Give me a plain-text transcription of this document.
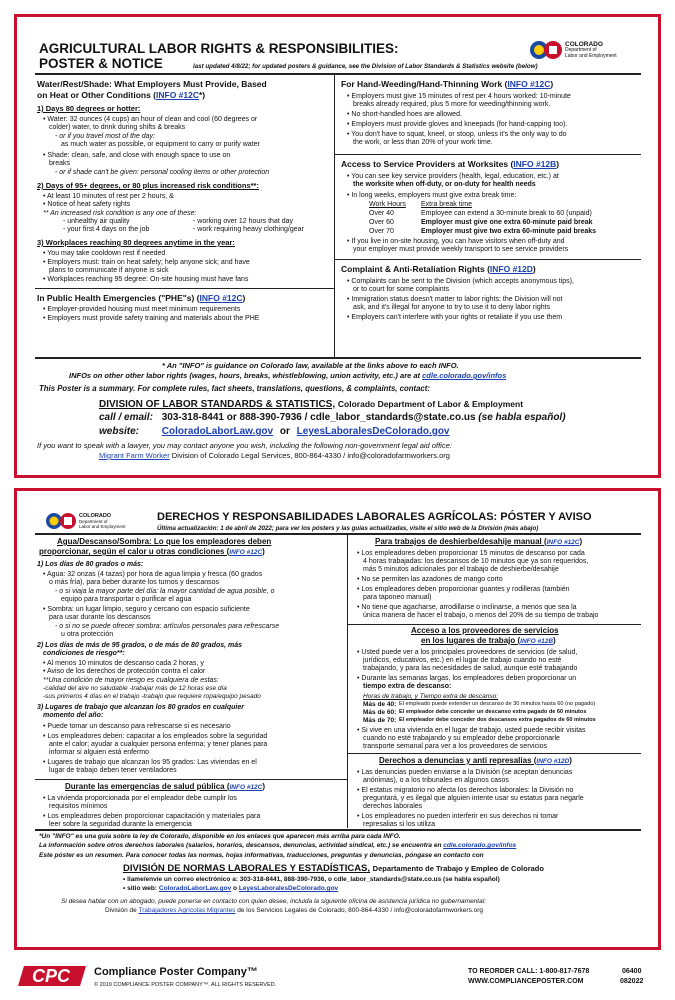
AGRICULTURAL LABOR RIGHTS & RESPONSIBILITIES:
POSTER & NOTICE	last updated 4/8/22; for updated posters & guidance, see the Division of Labor Standards & Statistics website (below)
COLORADO
Department of
Labor and Employment
Water/Rest/Shade: What Employers Must Provide, Based
on Heat or Other Conditions (INFO #12C*)
1) Days 80 degrees or hotter:
• Water: 32 ounces (4 cups) an hour of clean and cool (60 degrees or
colder) water, to drink during shifts & breaks
- or if you travel most of the day:
as much water as possible, or equipment to carry or purify water
• Shade: clean, safe, and close with enough space to use on
breaks
- or if shade can't be given: personal cooling items or other protection
2) Days of 95+ degrees, or 80 plus increased risk conditions**:
• At least 10 minutes of rest per 2 hours, &
• Notice of heat safety rights
** An increased risk condition is any one of these:
- unhealthy air quality	- working over 12 hours that day
- your first 4 days on the job	- work requiring heavy clothing/gear
3) Workplaces reaching 80 degrees anytime in the year:
• You may take cooldown rest if needed
• Employers must: train on heat safety; help anyone sick; and have
plans to communicate if anyone is sick
• Workplaces reaching 95 degree: On-site housing must have fans
In Public Health Emergencies ("PHE"s) (INFO #12C)
• Employer-provided housing must meet minimum requirements
• Employers must provide safety training and materials about the PHE
For Hand-Weeding/Hand-Thinning Work (INFO #12C)
• Employers must give 15 minutes of rest per 4 hours worked: 10-minute
breaks already required, plus 5 more for weeding/thinning work.
• No short-handled hoes are allowed.
• Employers must provide gloves and kneepads (for hand-capping too).
• You don't have to squat, kneel, or stoop, unless it's the only way to do
the work, or less than 20% of your work time.
Access to Service Providers at Worksites (INFO #12B)
• You can see key service providers (health, legal, education, etc.) at
the worksite when off-duty, or on-duty for health needs
• In long weeks, employers must give extra break time:
Work Hours Extra break time
Over 40	Employee can extend a 30-minute break to 60 (unpaid)
Over 60	Employer must give one extra 60-minute paid break
Over 70	Employer must give two extra 60-minute paid breaks
• If you live in on-site housing, you can have visitors when off-duty and
your employer must provide weekly transport to see service providers
Complaint & Anti-Retaliation Rights (INFO #12D)
• Complaints can be sent to the Division (which accepts anonymous tips),
or to court for some complaints
• Immigration status doesn't matter to labor rights: the Division will not
ask, and it's illegal for anyone to try to use it to deny labor rights
• Employers can't interfere with your rights or retaliate if you use them
* An "INFO" is guidance on Colorado law, available at the links above to each INFO.
INFOs on other other labor rights (wages, hours, breaks, whistleblowing, union activity, etc.) are at cdle.colorado.gov/infos
This Poster is a summary. For complete rules, fact sheets, translations, questions, & complaints, contact:
DIVISION OF LABOR STANDARDS & STATISTICS, Colorado Department of Labor & Employment
call / email: 303-318-8441 or 888-390-7936 / cdle_labor_standards@state.co.us (se habla español)
website: ColoradoLaborLaw.gov or LeyesLaboralesDeColorado.gov
If you want to speak with a lawyer, you may contact anyone you wish, including the following non-government legal aid office:
Migrant Farm Worker Division of Colorado Legal Services, 800-864-4330 / info@coloradofarmworkers.org
COLORADO
Department of
Labor and Employment
DERECHOS Y RESPONSABILIDADES LABORALES AGRÍCOLAS: PÓSTER Y AVISO
Última actualización: 1 de abril de 2022; para ver los pósters y las guías actualizadas, visite el sitio web de la División (más abajo)
Agua/Descanso/Sombra: Lo que los empleadores deben
proporcionar, según el calor u otras condiciones (INFO #12C)
1) Los días de 80 grados o más:
• Agua: 32 onzas (4 tazas) por hora de agua limpia y fresca (60 grados
o más fría), para beber durante los turnos y descansos
- o si viaja la mayor parte del día: la mayor cantidad de agua posible, o
equipo para transportar o purificar el agua
• Sombra: un lugar limpio, seguro y cercano con espacio suficiente
para usar durante los descansos
- o si no se puede ofrecer sombra: artículos personales para refrescarse
u otra protección
2) Los días de más de 95 grados, o de más de 80 grados, más
condiciones de riesgo**:
• Al menos 10 minutos de descanso cada 2 horas, y
• Aviso de los derechos de protección contra el calor
**Una condición de mayor riesgo es cualquiera de estas:
-calidad del aire no saludable -trabajar más de 12 horas ese día
-sus primeros 4 días en el trabajo -trabajo que requiere ropa/equipo pesado
3) Lugares de trabajo que alcanzan los 80 grados en cualquier
momento del año:
• Puede tomar un descanso para refrescarse si es necesario
• Los empleadores deben: capacitar a los empleados sobre la seguridad
ante el calor; ayudar a cualquier persona enferma; y tener planes para
informar si alguien está enfermo
• Lugares de trabajo que alcanzan los 95 grados: Las viviendas en el
lugar de trabajo deben tener ventiladores
Durante las emergencias de salud pública (INFO #12C)
• La vivienda proporcionada por el empleador debe cumplir los
requisitos mínimos
• Los empleadores deben proporcionar capacitación y materiales para
leer sobre la seguridad durante la emergencia
Para trabajos de deshierbe/desahije manual (INFO #12C)
• Los empleadores deben proporcionar 15 minutos de descanso por cada
4 horas trabajadas: los descansos de 10 minutos que ya son requeridos,
más 5 minutos adicionales por el trabajo de deshierbe/desahije
• No se permiten las azadones de mango corto
• Los empleadores deben proporcionar guantes y rodilleras (también
para taponeo manual)
• No tiene que agacharse, arrodillarse o inclinarse, a menos que sea la
única manera de hacer el trabajo, o menos del 20% de su tiempo de trabajo
Acceso a los proveedores de servicios
en los lugares de trabajo (INFO #12B)
• Usted puede ver a los principales proveedores de servicios (de salud,
jurídicos, educativos, etc.) en el lugar de trabajo cuando no esté
trabajando, y para las necesidades de salud, aunque esté trabajando
• Durante las semanas largas, los empleadores deben proporcionar un
tiempo extra de descanso:
Horas de trabajo, y Tiempo extra de descanso:
Más de 40: El empleado puede extender un descanso de 30 minutos hasta 60 (no pagado)
Más de 60: El empleador debe conceder un descanso extra pagado de 60 minutos
Más de 70: El empleador debe conceder dos descansos extra pagados de 60 minutos
• Si vive en una vivienda en el lugar de trabajo, usted puede recibir visitas
cuando no esté trabajando y su empleador debe proporcionarle
transporte semanal para ver a los proveedores de servicios
Derechos a denuncias y anti represalias (INFO #12D)
• Las denuncias pueden enviarse a la División (se aceptan denuncias
anónimas), o a los tribunales en algunos casos
• El estatus migratorio no afecta los derechos laborales: la División no
preguntará, y es ilegal que alguien intente usar su estatus para negarle
derechos laborales
• Los empleadores no pueden interferir en sus derechos ni tomar
represalias si los utiliza
*Un "INFO" es una guía sobre la ley de Colorado, disponible en los enlaces que aparecen más arriba para cada INFO.
La información sobre otros derechos laborales (salarios, horarios, descansos, denuncias, actividad sindical, etc.) se encuentra en cdle.colorado.gov/infos
Este póster es un resumen. Para conocer todas las normas, hojas informativas, traducciones, preguntas y denuncias, póngase en contacto con
DIVISIÓN DE NORMAS LABORALES Y ESTADÍSTICAS, Departamento de Trabajo y Empleo de Colorado
• llame/envíe un correo electrónico a: 303-318-8441, 888-390-7936, o cdle_labor_standards@state.co.us (se habla español)
• sitio web: ColoradoLaborLaw.gov o LeyesLaboralesDeColorado.gov
Si desea hablar con un abogado, puede ponerse en contacto con quien desee, incluida la siguiente oficina de asistencia jurídica no gubernamental:
División de Trabajadores Agrícolas Migrantes de los Servicios Legales de Colorado, 800-864-4330 / info@coloradofarmworkers.org
CPC Compliance Poster Company™
© 2019 COMPLIANCE POSTER COMPANY™. ALL RIGHTS RESERVED.
TO REORDER CALL: 1-800-817-7678
WWW.COMPLIANCEPOSTER.COM
06400
082022
